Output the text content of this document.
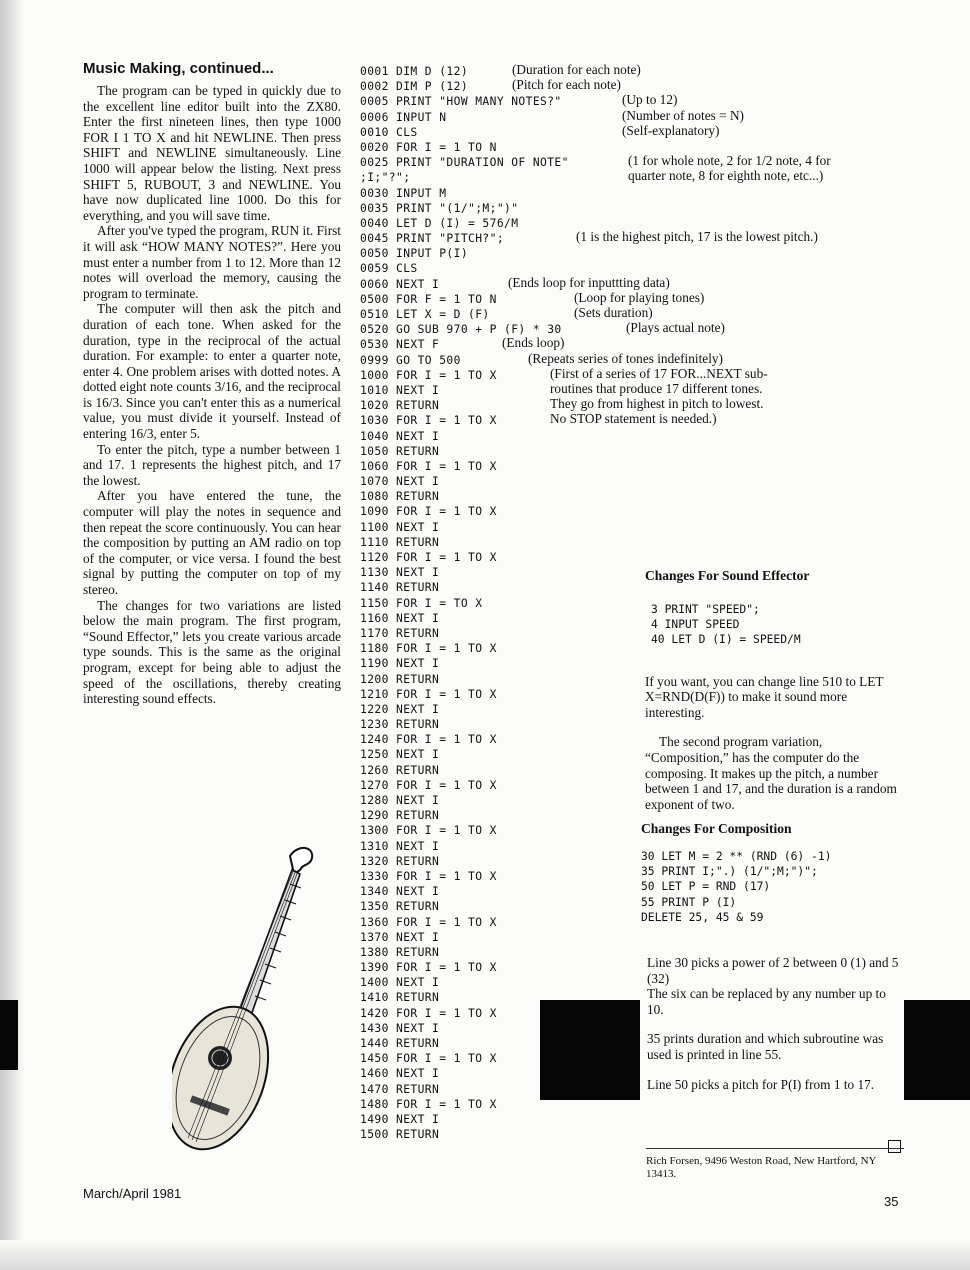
Music Making, continued...

The program can be typed in quickly due to the excellent line editor built into the ZX80. Enter the first nineteen lines, then type 1000 FOR I 1 TO X and hit NEWLINE. Then press SHIFT and NEWLINE simultaneously. Line 1000 will appear below the listing. Next press SHIFT 5, RUBOUT, 3 and NEWLINE. You have now duplicated line 1000. Do this for everything, and you will save time.

After you've typed the program, RUN it. First it will ask “HOW MANY NOTES?”. Here you must enter a number from 1 to 12. More than 12 notes will overload the memory, causing the program to terminate.

The computer will then ask the pitch and duration of each tone. When asked for the duration, type in the reciprocal of the actual duration. For example: to enter a quarter note, enter 4. One problem arises with dotted notes. A dotted eight note counts 3/16, and the reciprocal is 16/3. Since you can't enter this as a numerical value, you must divide it yourself. Instead of entering 16/3, enter 5.

To enter the pitch, type a number between 1 and 17. 1 represents the highest pitch, and 17 the lowest.

After you have entered the tune, the computer will play the notes in sequence and then repeat the score continuously. You can hear the composition by putting an AM radio on top of the computer, or vice versa. I found the best signal by putting the computer on top of my stereo.

The changes for two variations are listed below the main program. The first program, “Sound Effector,” lets you create various arcade type sounds. This is the same as the original program, except for being able to adjust the speed of the oscillations, thereby creating interesting sound effects.

0001 DIM D (12)	(Duration for each note)
0002 DIM P (12)	(Pitch for each note)
0005 PRINT "HOW MANY NOTES?"	(Up to 12)
0006 INPUT N	(Number of notes = N)
0010 CLS	(Self-explanatory)
0020 FOR I = 1 TO N
0025 PRINT "DURATION OF NOTE"	(1 for whole note, 2 for 1/2 note, 4 for
;I;"?";	quarter note, 8 for eighth note, etc...)
0030 INPUT M
0035 PRINT "(1/";M;")"
0040 LET D (I) = 576/M
0045 PRINT "PITCH?";	(1 is the highest pitch, 17 is the lowest pitch.)
0050 INPUT P(I)
0059 CLS
0060 NEXT I	(Ends loop for inputtting data)
0500 FOR F = 1 TO N	(Loop for playing tones)
0510 LET X = D (F)	(Sets duration)
0520 GO SUB 970 + P (F) * 30	(Plays actual note)
0530 NEXT F	(Ends loop)
0999 GO TO 500	(Repeats series of tones indefinitely)
1000 FOR I = 1 TO X	(First of a series of 17 FOR...NEXT sub-
1010 NEXT I	routines that produce 17 different tones.
1020 RETURN	They go from highest in pitch to lowest.
1030 FOR I = 1 TO X	No STOP statement is needed.)
1040 NEXT I
1050 RETURN
1060 FOR I = 1 TO X
1070 NEXT I
1080 RETURN
1090 FOR I = 1 TO X
1100 NEXT I
1110 RETURN
1120 FOR I = 1 TO X
1130 NEXT I
1140 RETURN
1150 FOR I = TO X
1160 NEXT I
1170 RETURN
1180 FOR I = 1 TO X
1190 NEXT I
1200 RETURN
1210 FOR I = 1 TO X
1220 NEXT I
1230 RETURN
1240 FOR I = 1 TO X
1250 NEXT I
1260 RETURN
1270 FOR I = 1 TO X
1280 NEXT I
1290 RETURN
1300 FOR I = 1 TO X
1310 NEXT I
1320 RETURN
1330 FOR I = 1 TO X
1340 NEXT I
1350 RETURN
1360 FOR I = 1 TO X
1370 NEXT I
1380 RETURN
1390 FOR I = 1 TO X
1400 NEXT I
1410 RETURN
1420 FOR I = 1 TO X
1430 NEXT I
1440 RETURN
1450 FOR I = 1 TO X
1460 NEXT I
1470 RETURN
1480 FOR I = 1 TO X
1490 NEXT I
1500 RETURN
Changes For Sound Effector
3 PRINT "SPEED";
4 INPUT SPEED
40 LET D (I) = SPEED/M

If you want, you can change line 510 to LET X=RND(D(F)) to make it sound more interesting.

The second program variation, “Composition,” has the computer do the composing. It makes up the pitch, a number between 1 and 17, and the duration is a random exponent of two.

Changes For Composition
30 LET M = 2 ** (RND (6) -1)
35 PRINT I;".) (1/";M;")";
50 LET P = RND (17)
55 PRINT P (I)
DELETE 25, 45 & 59

Line 30 picks a power of 2 between 0 (1) and 5 (32)

The six can be replaced by any number up to 10.

35 prints duration and which subroutine was used is printed in line 55.

Line 50 picks a pitch for P(I) from 1 to 17.

Rich Forsen, 9496 Weston Road, New Hartford, NY 13413.
March/April 1981
35
